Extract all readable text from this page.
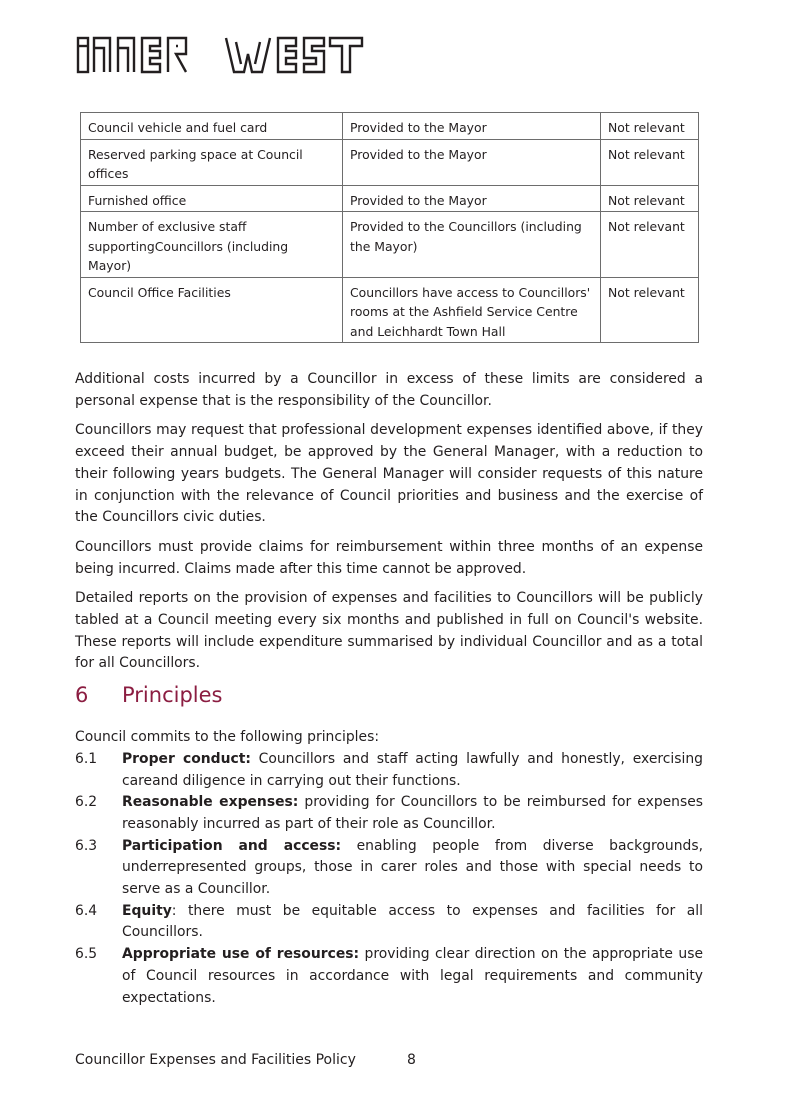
Council vehicle and fuel card	Provided to the Mayor	Not relevant
Reserved parking space at Council offices	Provided to the Mayor	Not relevant
Furnished office	Provided to the Mayor	Not relevant
Number of exclusive staff supportingCouncillors (including Mayor)	Provided to the Councillors (including the Mayor)	Not relevant
Council Office Facilities	Councillors have access to Councillors' rooms at the Ashfield Service Centre and Leichhardt Town Hall	Not relevant

Additional costs incurred by a Councillor in excess of these limits are considered a personal expense that is the responsibility of the Councillor.

Councillors may request that professional development expenses identified above, if they exceed their annual budget, be approved by the General Manager, with a reduction to their following years budgets. The General Manager will consider requests of this nature in conjunction with the relevance of Council priorities and business and the exercise of the Councillors civic duties.

Councillors must provide claims for reimbursement within three months of an expense being incurred. Claims made after this time cannot be approved.

Detailed reports on the provision of expenses and facilities to Councillors will be publicly tabled at a Council meeting every six months and published in full on Council's website. These reports will include expenditure summarised by individual Councillor and as a total for all Councillors.

6	Principles

Council commits to the following principles:

6.1	Proper conduct: Councillors and staff acting lawfully and honestly, exercising careand diligence in carrying out their functions.
6.2	Reasonable expenses: providing for Councillors to be reimbursed for expenses reasonably incurred as part of their role as Councillor.
6.3	Participation and access: enabling people from diverse backgrounds, underrepresented groups, those in carer roles and those with special needs to serve as a Councillor.
6.4	Equity: there must be equitable access to expenses and facilities for all Councillors.
6.5	Appropriate use of resources: providing clear direction on the appropriate use of Council resources in accordance with legal requirements and community expectations.
Councillor Expenses and Facilities Policy	8
